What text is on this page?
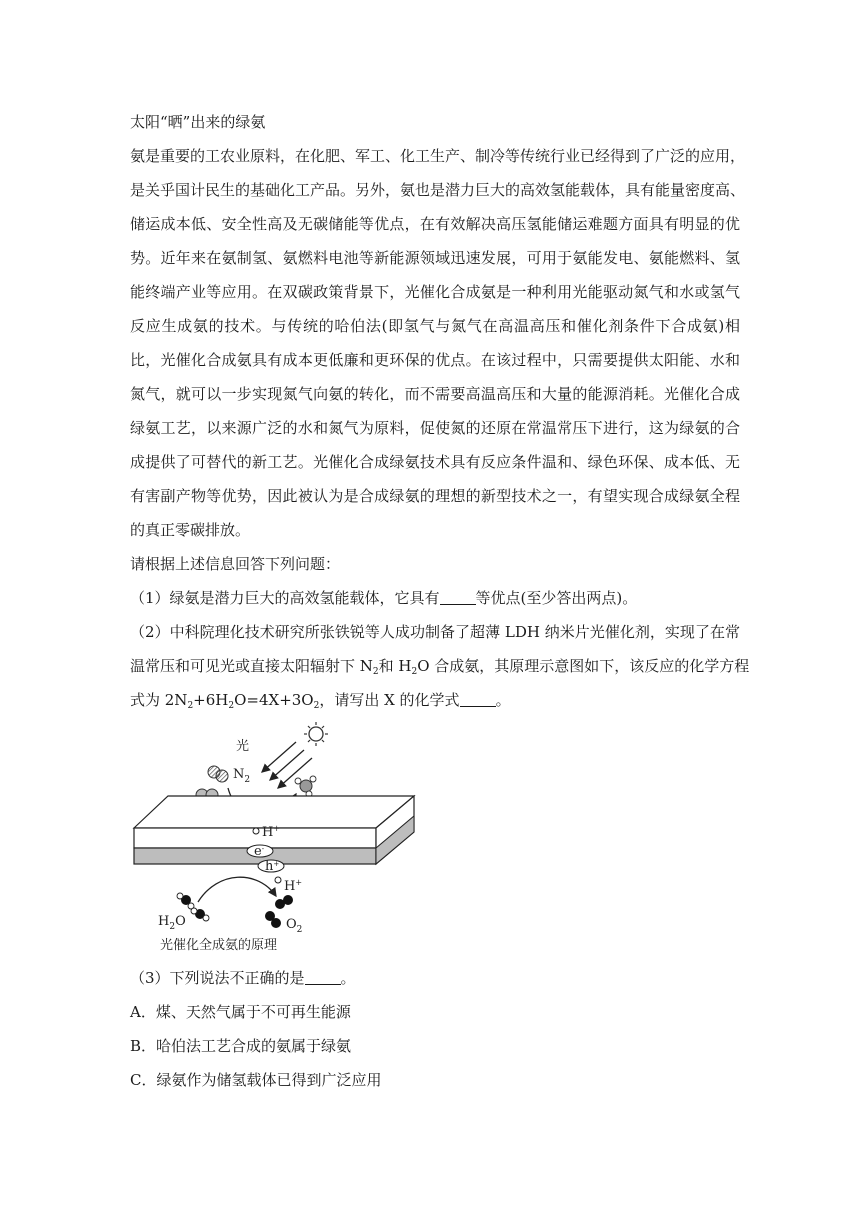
太阳“晒”出来的绿氨
氨是重要的工农业原料，在化肥、军工、化工生产、制冷等传统行业已经得到了广泛的应用，
是关乎国计民生的基础化工产品。另外，氨也是潜力巨大的高效氢能载体，具有能量密度高、
储运成本低、安全性高及无碳储能等优点，在有效解决高压氢能储运难题方面具有明显的优
势。近年来在氨制氢、氨燃料电池等新能源领域迅速发展，可用于氨能发电、氨能燃料、氢
能终端产业等应用。在双碳政策背景下，光催化合成氨是一种利用光能驱动氮气和水或氢气
反应生成氨的技术。与传统的哈伯法(即氢气与氮气在高温高压和催化剂条件下合成氨)相
比，光催化合成氨具有成本更低廉和更环保的优点。在该过程中，只需要提供太阳能、水和
氮气，就可以一步实现氮气向氨的转化，而不需要高温高压和大量的能源消耗。光催化合成
绿氨工艺，以来源广泛的水和氮气为原料，促使氮的还原在常温常压下进行，这为绿氨的合
成提供了可替代的新工艺。光催化合成绿氨技术具有反应条件温和、绿色环保、成本低、无
有害副产物等优势，因此被认为是合成绿氨的理想的新型技术之一，有望实现合成绿氨全程
的真正零碳排放。
请根据上述信息回答下列问题：
（1）绿氨是潜力巨大的高效氢能载体，它具有 等优点(至少答出两点)。
（2）中科院理化技术研究所张铁锐等人成功制备了超薄 LDH 纳米片光催化剂，实现了在常
温常压和可见光或直接太阳辐射下 $N_2$和 $H_2O$ 合成氨，其原理示意图如下，该反应的化学方程
式为 $2N_2+6H_2O=4X+3O_2$，请写出 X 的化学式 。
光
$N_2$
H+
e-
h+
H+
$H_2O$	$O_2$
光催化全成氨的原理
（3）下列说法不正确的是 。
A．煤、天然气属于不可再生能源
B．哈伯法工艺合成的氨属于绿氨
C．绿氨作为储氢载体已得到广泛应用
